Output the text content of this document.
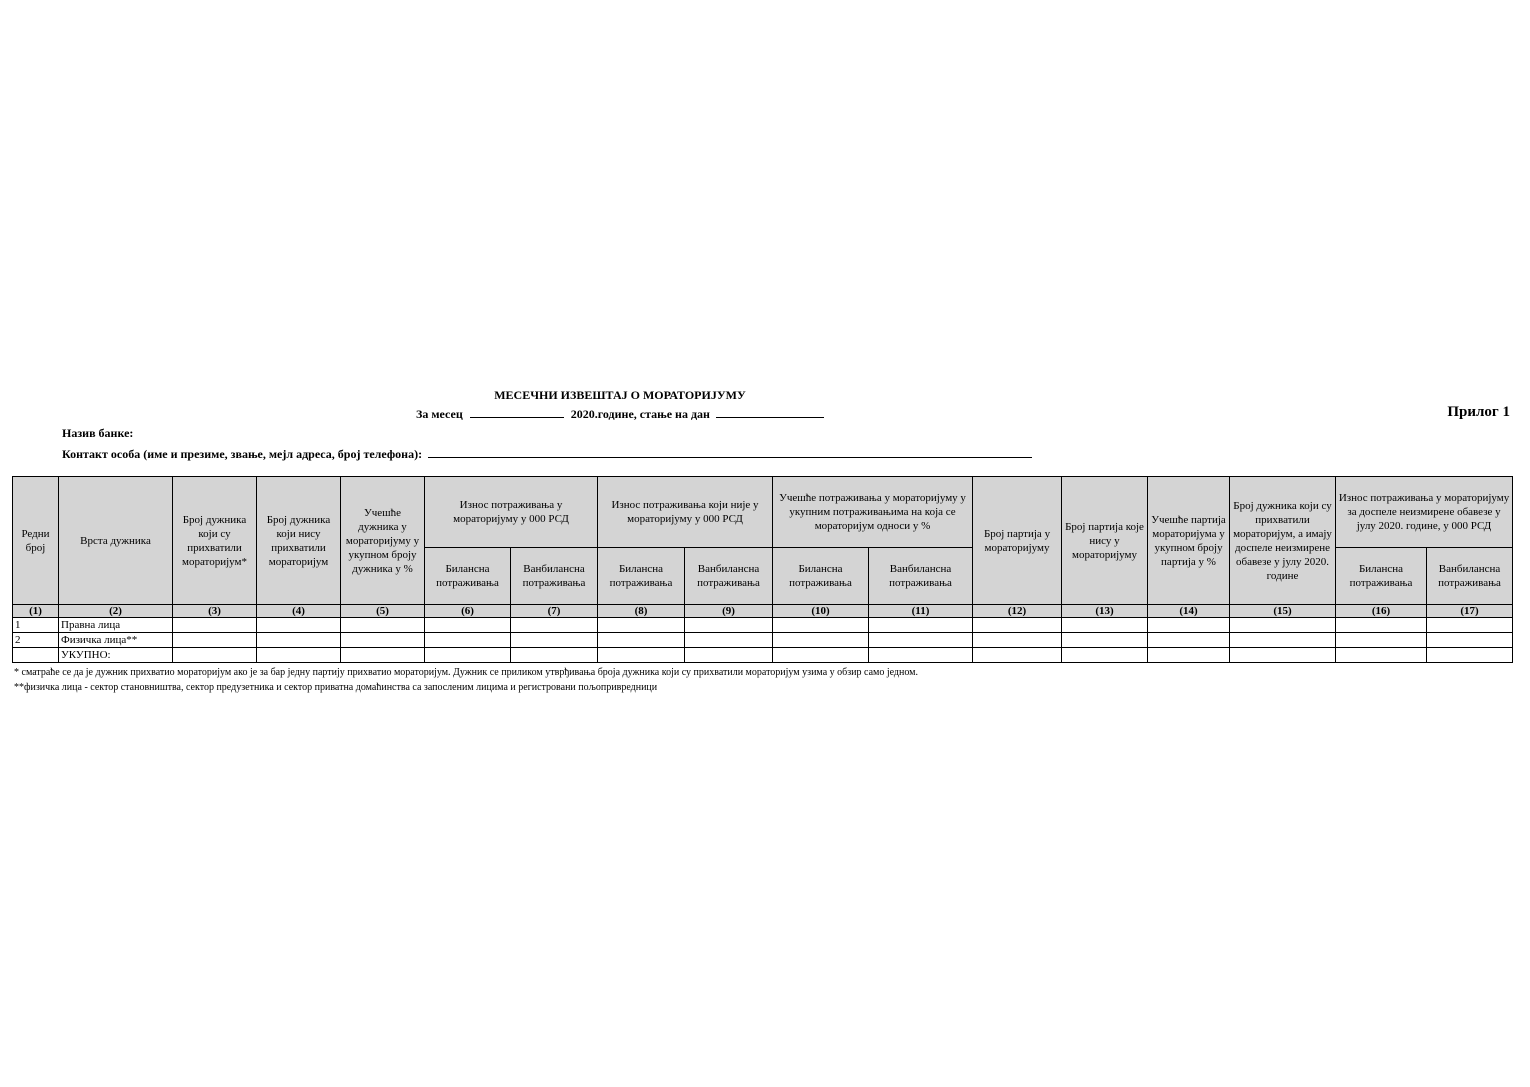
МЕСЕЧНИ ИЗВЕШТАЈ О МОРАТОРИЈУМУ
За месец	2020.године, стање на дан	Прилог 1
Назив банке:
Контакт особа (име и презиме, звање, мејл адреса, број телефона):
Редни број	Врста дужника	Број дужника који су прихватили мораторијум*	Број дужника који нису прихватили мораторијум	Учешће дужника у мораторијуму у укупном броју дужника у %	Износ потраживања у мораторијуму у 000 РСД		Износ потраживања који није у мораторијуму у 000 РСД		Учешће потраживања у мораторијуму у укупним потраживањима на која се мораторијум односи у %		Број партија у мораторијуму	Број партија које нису у мораторијуму	Учешће партија мораторијума у укупном броју партија у %	Број дужника који су прихватили мораторијум, а имају доспеле неизмирене обавезе у јулу 2020. године	Износ потраживања у мораторијуму за доспеле неизмирене обавезе у јулу 2020. године, у 000 РСД	
					Билансна потраживања	Ванбилансна потраживања	Билансна потраживања	Ванбилансна потраживања	Билансна потраживања	Ванбилансна потраживања					Билансна потраживања	Ванбилансна потраживања
(1)	(2)	(3)	(4)	(5)	(6)	(7)	(8)	(9)	(10)	(11)	(12)	(13)	(14)	(15)	(16)	(17)
1	Правна лица															
2	Физичка лица**															
	УКУПНО:															
* сматраће се да је дужник прихватио мораторијум ако је за бар једну партију прихватио мораторијум. Дужник се приликом утврђивања броја дужника који су прихватили мораторијум узима у обзир само једном.
**физичка лица - сектор становништва, сектор предузетника и сектор приватна домаћинства са запосленим лицима и регистровани пољопривредници
